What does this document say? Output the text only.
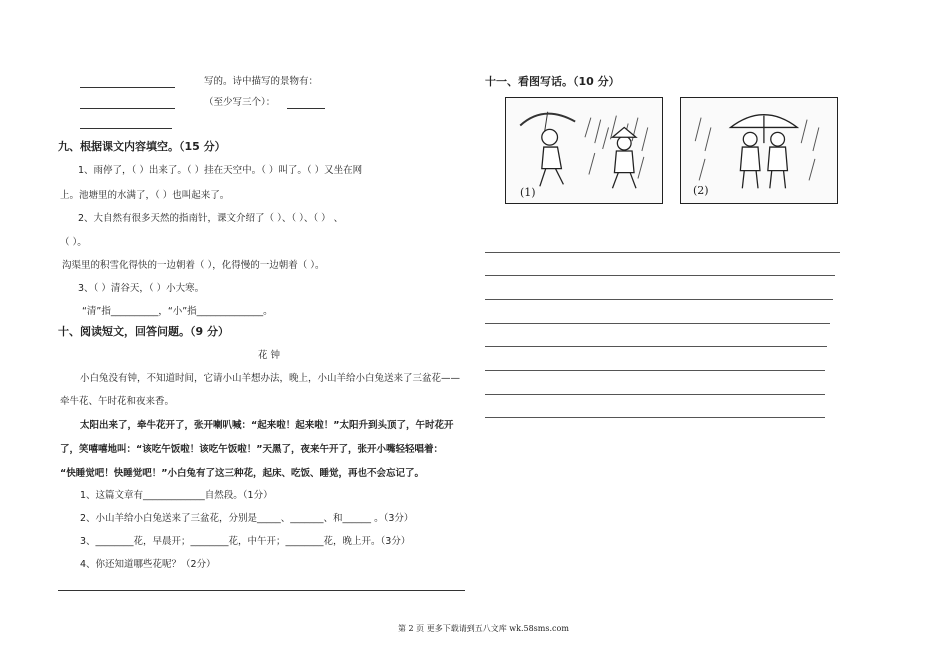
写的。诗中描写的景物有：
（至少写三个）：
九、根据课文内容填空。（15 分）
1、雨停了，（ ）出来了。（ ）挂在天空中。（ ）叫了。（ ）又坐在网
上。池塘里的水满了，（ ）也叫起来了。
2、大自然有很多天然的指南针，课文介绍了（ ）、（ ）、（ ） 、
（ ）。
沟渠里的积雪化得快的一边朝着（ ），化得慢的一边朝着（ ）。
3、（ ）清谷天，（ ）小大寒。
“清”指__________，“小”指______________。
十、阅读短文，回答问题。（9 分）
花 钟
小白兔没有钟，不知道时间，它请小山羊想办法，晚上，小山羊给小白兔送来了三盆花——
牵牛花、午时花和夜来香。
太阳出来了，牵牛花开了，张开喇叭喊：“起来啦！起来啦！”太阳升到头顶了，午时花开
了，笑嘻嘻地叫：“该吃午饭啦！该吃午饭啦！”天黑了，夜来午开了，张开小嘴轻轻唱着：
“快睡觉吧！快睡觉吧！”小白兔有了这三种花，起床、吃饭、睡觉，再也不会忘记了。
1、这篇文章有_____________自然段。（1分）
2、小山羊给小白兔送来了三盆花，分别是_____、_______、和______ 。（3分）
3、________花，早晨开；________花，中午开；________花，晚上开。（3分）
4、你还知道哪些花呢？（2分）
十一、看图写话。（10 分）
(1)	(2)
第 2 页 更多下载请到五八文库 wk.58sms.com
